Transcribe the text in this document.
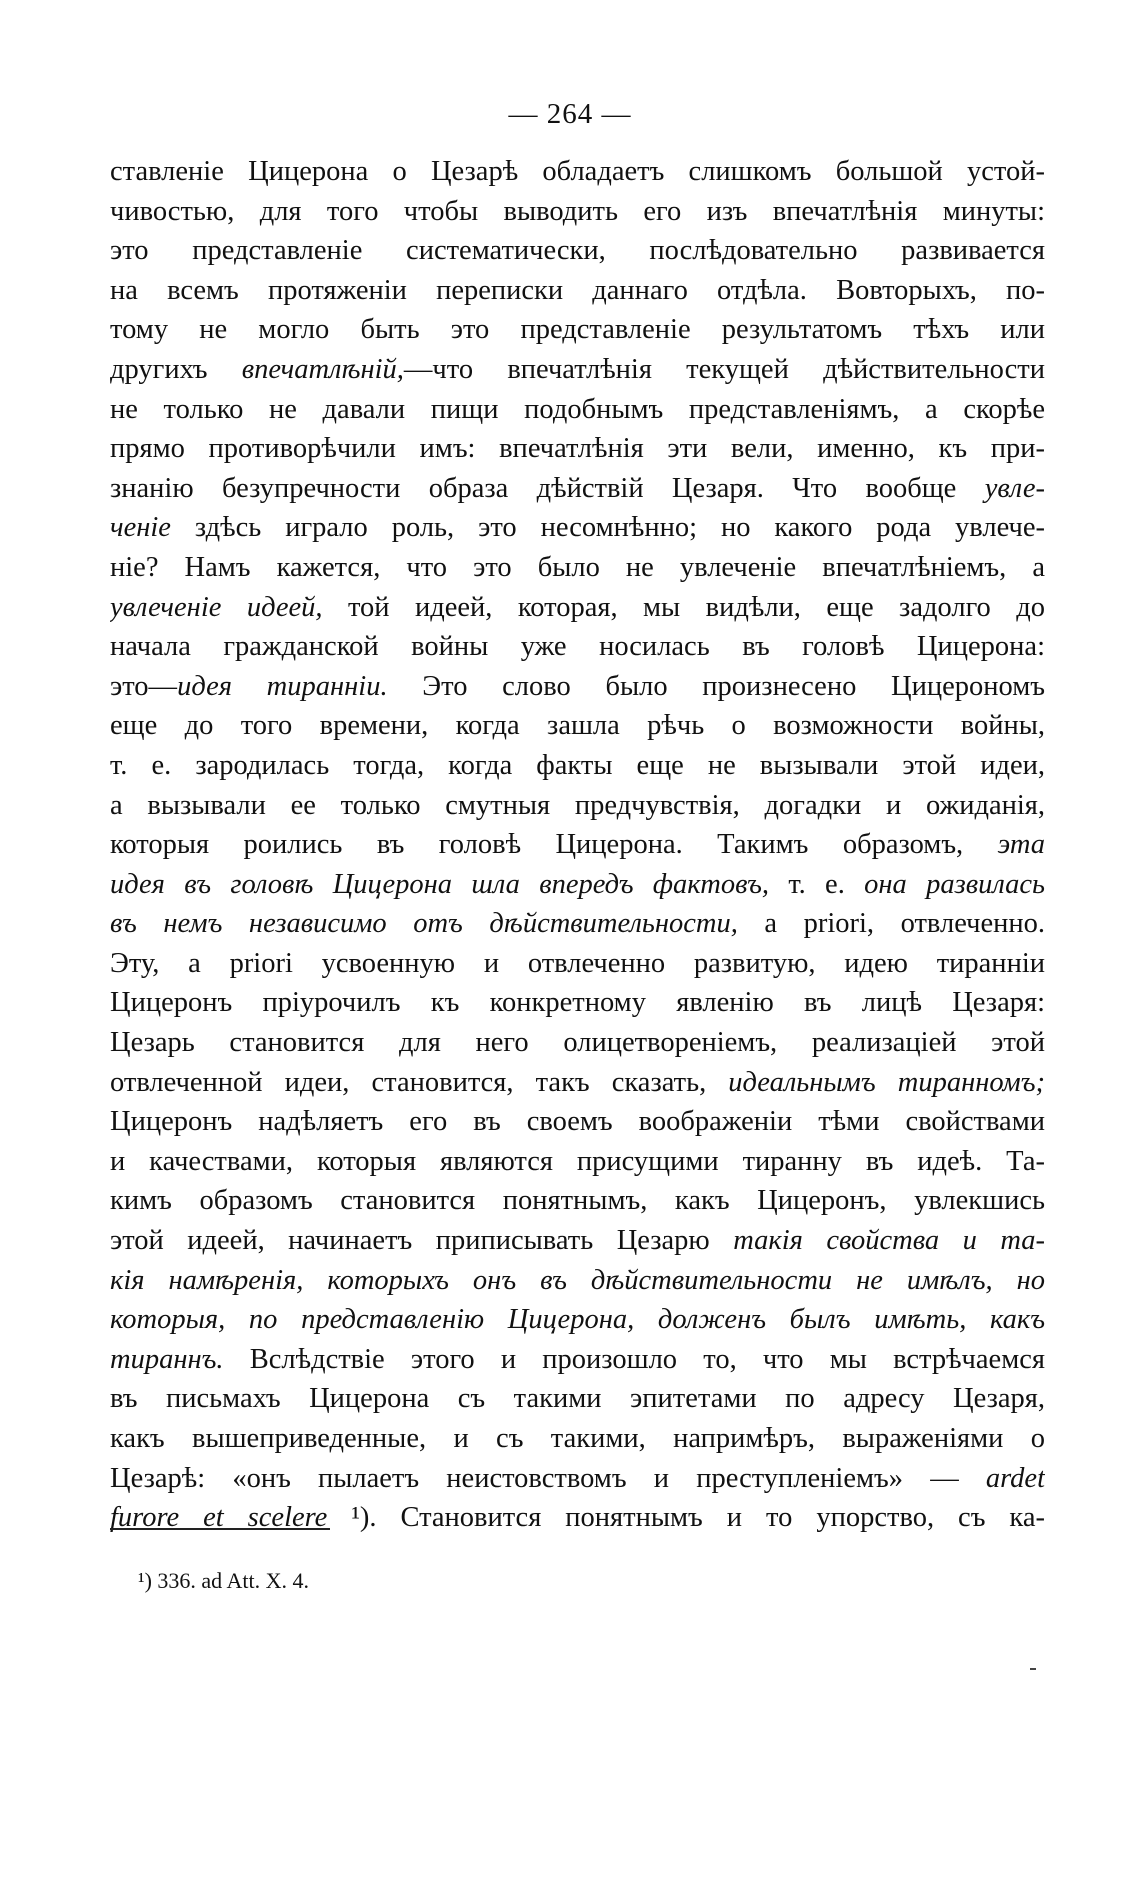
— 264 —
ставленіе Цицерона о Цезарѣ обладаетъ слишкомъ большой устой-
чивостью, для того чтобы выводить его изъ впечатлѣнія минуты:
это представленіе систематически, послѣдовательно развивается
на всемъ протяженіи переписки даннаго отдѣла. Вовторыхъ, по-
тому не могло быть это представленіе результатомъ тѣхъ или
другихъ впечатлѣній,—что впечатлѣнія текущей дѣйствительности
не только не давали пищи подобнымъ представленіямъ, а скорѣе
прямо противорѣчили имъ: впечатлѣнія эти вели, именно, къ при-
знанію безупречности образа дѣйствій Цезаря. Что вообще увле-
ченіе здѣсь играло роль, это несомнѣнно; но какого рода увлече-
ніе? Намъ кажется, что это было не увлеченіе впечатлѣніемъ, а
увлеченіе идеей, той идеей, которая, мы видѣли, еще задолго до
начала гражданской войны уже носилась въ головѣ Цицерона:
это—идея тиранніи. Это слово было произнесено Цицерономъ
еще до того времени, когда зашла рѣчь о возможности войны,
т. е. зародилась тогда, когда факты еще не вызывали этой идеи,
а вызывали ее только смутныя предчувствія, догадки и ожиданія,
которыя роились въ головѣ Цицерона. Такимъ образомъ, эта
идея въ головѣ Цицерона шла впередъ фактовъ, т. е. она развилась
въ немъ независимо отъ дѣйствительности, a priori, отвлеченно.
Эту, a priori усвоенную и отвлеченно развитую, идею тиранніи
Цицеронъ пріурочилъ къ конкретному явленію въ лицѣ Цезаря:
Цезарь становится для него олицетвореніемъ, реализаціей этой
отвлеченной идеи, становится, такъ сказать, идеальнымъ тиранномъ;
Цицеронъ надѣляетъ его въ своемъ воображеніи тѣми свойствами
и качествами, которыя являются присущими тиранну въ идеѣ. Та-
кимъ образомъ становится понятнымъ, какъ Цицеронъ, увлекшись
этой идеей, начинаетъ приписывать Цезарю такія свойства и та-
кія намѣренія, которыхъ онъ въ дѣйствительности не имѣлъ, но
которыя, по представленію Цицерона, долженъ былъ имѣть, какъ
тираннъ. Вслѣдствіе этого и произошло то, что мы встрѣчаемся
въ письмахъ Цицерона съ такими эпитетами по адресу Цезаря,
какъ вышеприведенные, и съ такими, напримѣръ, выраженіями о
Цезарѣ: «онъ пылаетъ неистовствомъ и преступленіемъ» — ardet
furore et scelere ¹). Становится понятнымъ и то упорство, съ ка-
¹) 336. ad Att. X. 4.
